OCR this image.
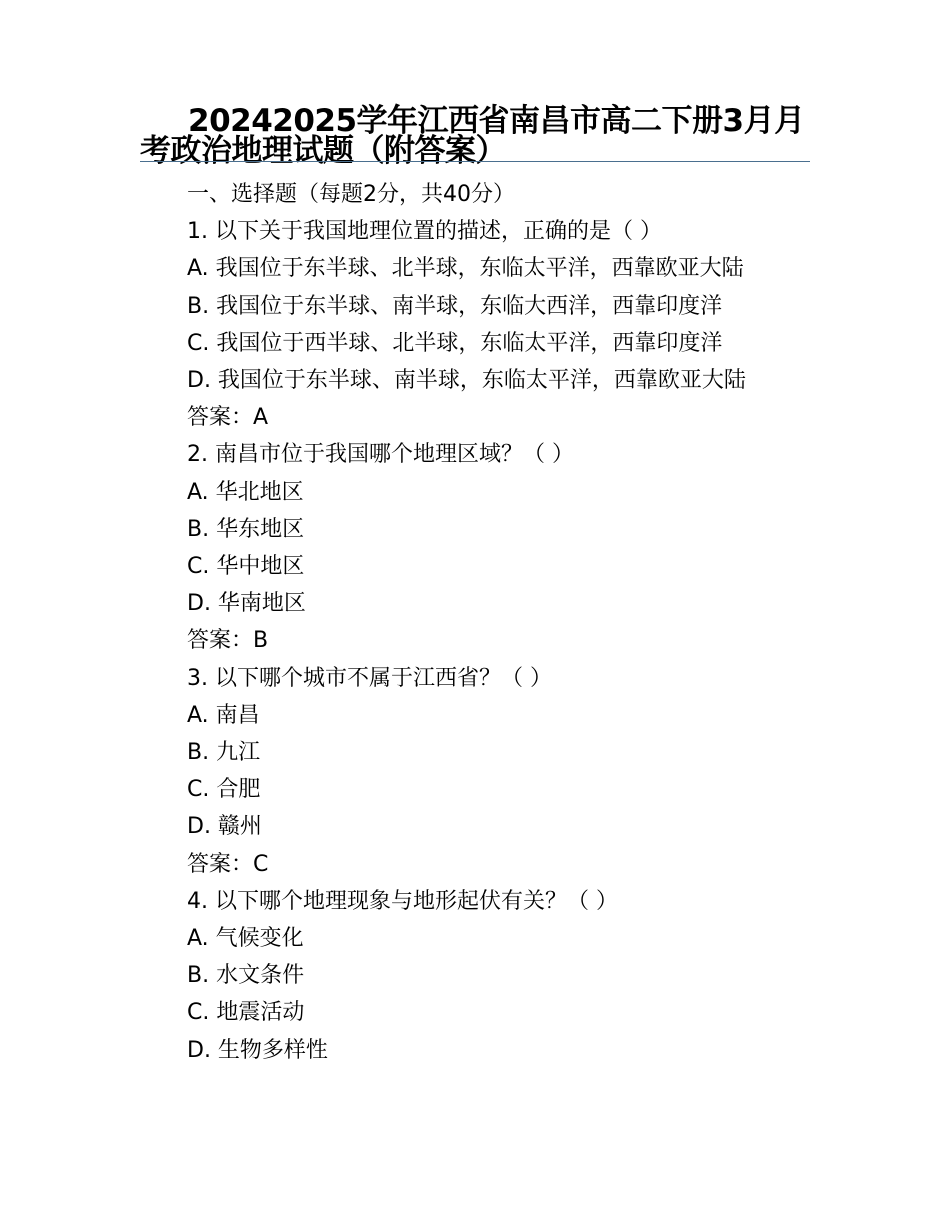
20242025学年江西省南昌市高二下册3月月考政治地理试题（附答案）

一、选择题（每题2分，共40分）

1. 以下关于我国地理位置的描述，正确的是（ ）

A. 我国位于东半球、北半球，东临太平洋，西靠欧亚大陆

B. 我国位于东半球、南半球，东临大西洋，西靠印度洋

C. 我国位于西半球、北半球，东临太平洋，西靠印度洋

D. 我国位于东半球、南半球，东临太平洋，西靠欧亚大陆

答案：A

2. 南昌市位于我国哪个地理区域？（ ）

A. 华北地区

B. 华东地区

C. 华中地区

D. 华南地区

答案：B

3. 以下哪个城市不属于江西省？（ ）

A. 南昌

B. 九江

C. 合肥

D. 赣州

答案：C

4. 以下哪个地理现象与地形起伏有关？（ ）

A. 气候变化

B. 水文条件

C. 地震活动

D. 生物多样性
